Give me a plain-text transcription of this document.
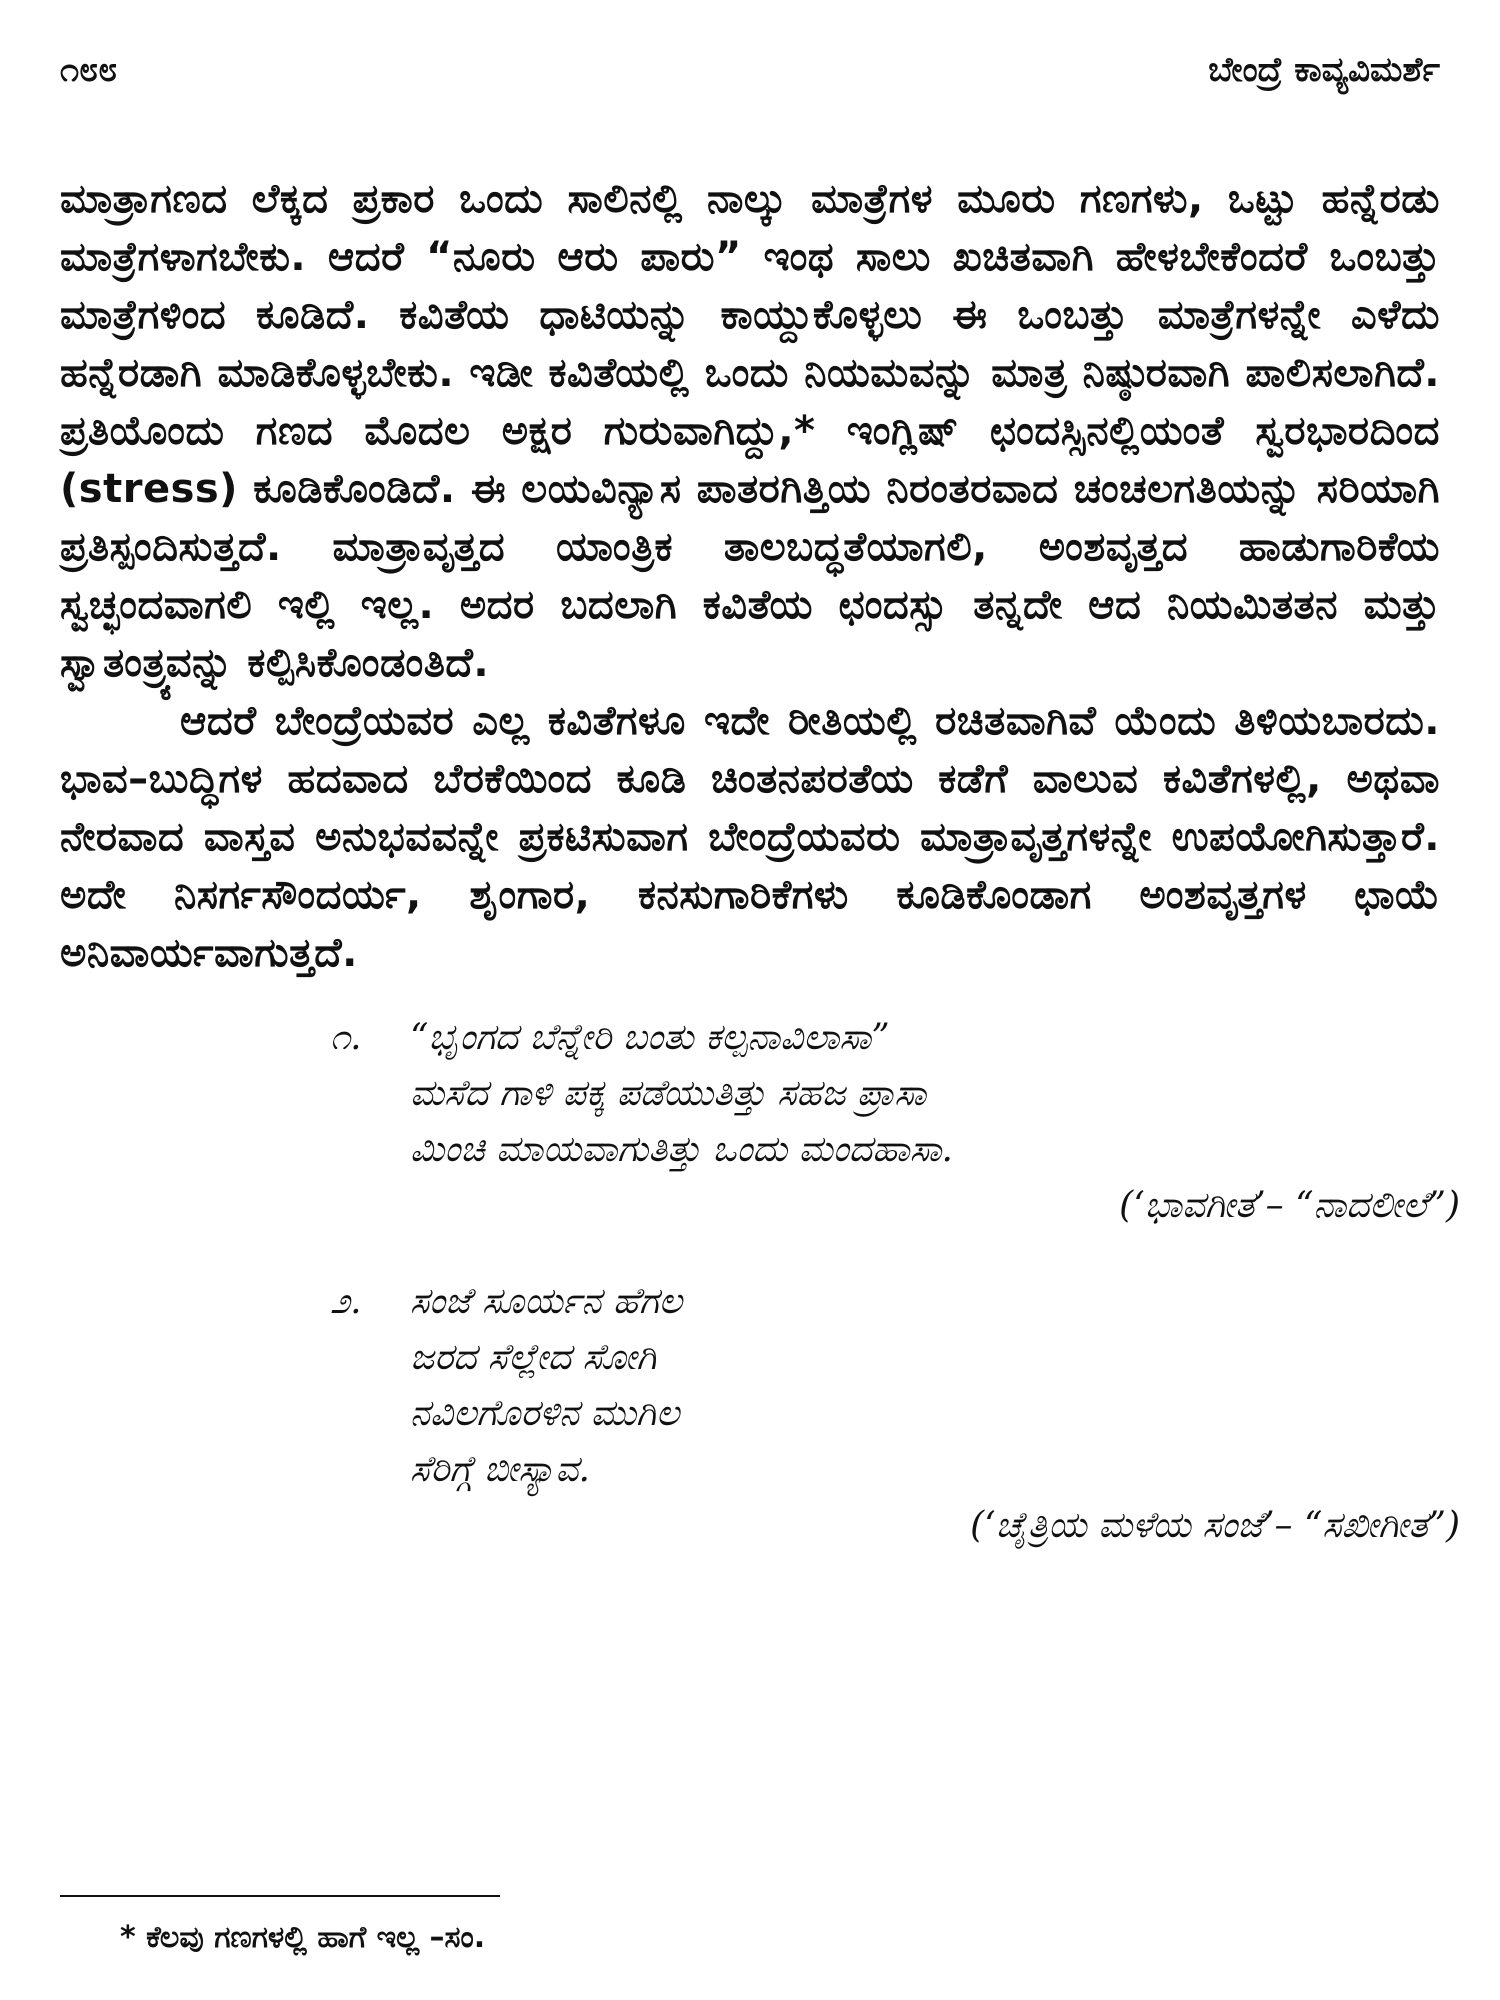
೧೮೮	ಬೇಂದ್ರೆ ಕಾವ್ಯವಿಮರ್ಶೆ

ಮಾತ್ರಾಗಣದ ಲೆಕ್ಕದ ಪ್ರಕಾರ ಒಂದು ಸಾಲಿನಲ್ಲಿ ನಾಲ್ಕು ಮಾತ್ರೆಗಳ ಮೂರು ಗಣಗಳು, ಒಟ್ಟು ಹನ್ನೆರಡು ಮಾತ್ರೆಗಳಾಗಬೇಕು. ಆದರೆ “ನೂರು ಆರು ಪಾರು” ಇಂಥ ಸಾಲು ಖಚಿತವಾಗಿ ಹೇಳಬೇಕೆಂದರೆ ಒಂಬತ್ತು ಮಾತ್ರೆಗಳಿಂದ ಕೂಡಿದೆ. ಕವಿತೆಯ ಧಾಟಿಯನ್ನು ಕಾಯ್ದುಕೊಳ್ಳಲು ಈ ಒಂಬತ್ತು ಮಾತ್ರೆಗಳನ್ನೇ ಎಳೆದು ಹನ್ನೆರಡಾಗಿ ಮಾಡಿಕೊಳ್ಳಬೇಕು. ಇಡೀ ಕವಿತೆಯಲ್ಲಿ ಒಂದು ನಿಯಮವನ್ನು ಮಾತ್ರ ನಿಷ್ಠುರವಾಗಿ ಪಾಲಿಸಲಾಗಿದೆ. ಪ್ರತಿಯೊಂದು ಗಣದ ಮೊದಲ ಅಕ್ಷರ ಗುರುವಾಗಿದ್ದು,* ಇಂಗ್ಲಿಷ್ ಛಂದಸ್ಸಿನಲ್ಲಿಯಂತೆ ಸ್ವರಭಾರದಿಂದ (stress) ಕೂಡಿಕೊಂಡಿದೆ. ಈ ಲಯವಿನ್ಯಾಸ ಪಾತರಗಿತ್ತಿಯ ನಿರಂತರವಾದ ಚಂಚಲಗತಿಯನ್ನು ಸರಿಯಾಗಿ ಪ್ರತಿಸ್ಪಂದಿಸುತ್ತದೆ. ಮಾತ್ರಾವೃತ್ತದ ಯಾಂತ್ರಿಕ ತಾಲಬದ್ಧತೆಯಾಗಲಿ, ಅಂಶವೃತ್ತದ ಹಾಡುಗಾರಿಕೆಯ ಸ್ವಚ್ಛಂದವಾಗಲಿ ಇಲ್ಲಿ ಇಲ್ಲ. ಅದರ ಬದಲಾಗಿ ಕವಿತೆಯ ಛಂದಸ್ಸು ತನ್ನದೇ ಆದ ನಿಯಮಿತತನ ಮತ್ತು ಸ್ವಾತಂತ್ರ್ಯವನ್ನು ಕಲ್ಪಿಸಿಕೊಂಡಂತಿದೆ.

ಆದರೆ ಬೇಂದ್ರೆಯವರ ಎಲ್ಲ ಕವಿತೆಗಳೂ ಇದೇ ರೀತಿಯಲ್ಲಿ ರಚಿತವಾಗಿವೆ ಯೆಂದು ತಿಳಿಯಬಾರದು. ಭಾವ–ಬುದ್ಧಿಗಳ ಹದವಾದ ಬೆರಕೆಯಿಂದ ಕೂಡಿ ಚಿಂತನಪರತೆಯ ಕಡೆಗೆ ವಾಲುವ ಕವಿತೆಗಳಲ್ಲಿ, ಅಥವಾ ನೇರವಾದ ವಾಸ್ತವ ಅನುಭವವನ್ನೇ ಪ್ರಕಟಿಸುವಾಗ ಬೇಂದ್ರೆಯವರು ಮಾತ್ರಾವೃತ್ತಗಳನ್ನೇ ಉಪಯೋಗಿಸುತ್ತಾರೆ. ಅದೇ ನಿಸರ್ಗಸೌಂದರ್ಯ, ಶೃಂಗಾರ, ಕನಸುಗಾರಿಕೆಗಳು ಕೂಡಿಕೊಂಡಾಗ ಅಂಶವೃತ್ತಗಳ ಛಾಯೆ ಅನಿವಾರ್ಯವಾಗುತ್ತದೆ.

೧. “ಭೃಂಗದ ಬೆನ್ನೇರಿ ಬಂತು ಕಲ್ಪನಾವಿಲಾಸಾ”
ಮಸೆದ ಗಾಳಿ ಪಕ್ಕ ಪಡೆಯುತಿತ್ತು ಸಹಜ ಪ್ರಾಸಾ
ಮಿಂಚಿ ಮಾಯವಾಗುತಿತ್ತು ಒಂದು ಮಂದಹಾಸಾ.
(‘ಭಾವಗೀತ’– “ನಾದಲೀಲೆ”)
೨. ಸಂಜೆ ಸೂರ್ಯನ ಹೆಗಲ
ಜರದ ಸೆಲ್ಲೇದ ಸೋಗಿ
ನವಿಲಗೊರಳಿನ ಮುಗಿಲ
ಸೆರಿಗ್ಗೆ ಬೀಸ್ಯಾವ.
(‘ಚೈತ್ರಿಯ ಮಳೆಯ ಸಂಜೆ’– “ಸಖೀಗೀತ”)
* ಕೆಲವು ಗಣಗಳಲ್ಲಿ ಹಾಗೆ ಇಲ್ಲ –ಸಂ.
